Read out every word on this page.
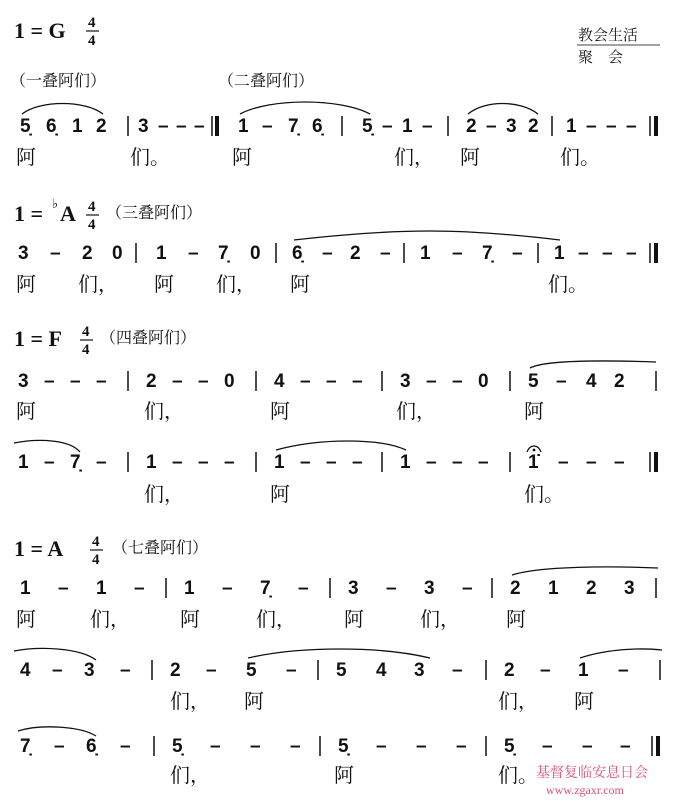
1 = G 4
4	教会生活
聚　会
（一叠阿们）	（二叠阿们）
5̣ 6̣ 1 2 3 – – – 1 – 7̣ 6̣ 5̣ – 1 – 2 – 3 2 1 – – –
阿	们。	阿	们， 阿	们。
1 = ♭ A 4
4
（三叠阿们）
3 – 2 0 1 – 7̣ 0 6̣ – 2 – 1 – 7̣ – 1 – – –
阿 们， 阿 们， 阿	们。
1 = F 4
4
（四叠阿们）
3 – – – 2 – – 0 4 – – – 3 – – 0 5 – 4 2
阿	们，	阿	们，	阿
1 – 7̣ – 1 – – – 1 – – – 1 – – – 1̇ – – –
们，	阿	们。
1 = A 4
4
（七叠阿们）
1 – 1 – 1 – 7̣ – 3 – 3 – 2 1 2 3
阿	们，	阿	们， 阿	们， 阿
4 – 3 – 2 – 5 – 5 4 3 – 2 – 1 –
们， 阿	们， 阿
7̣ – 6̣ – 5̣ – – – 5̣ – – – 5̣ – – –
们，	阿	们。
基督复临安息日会
www.zgaxr.com
